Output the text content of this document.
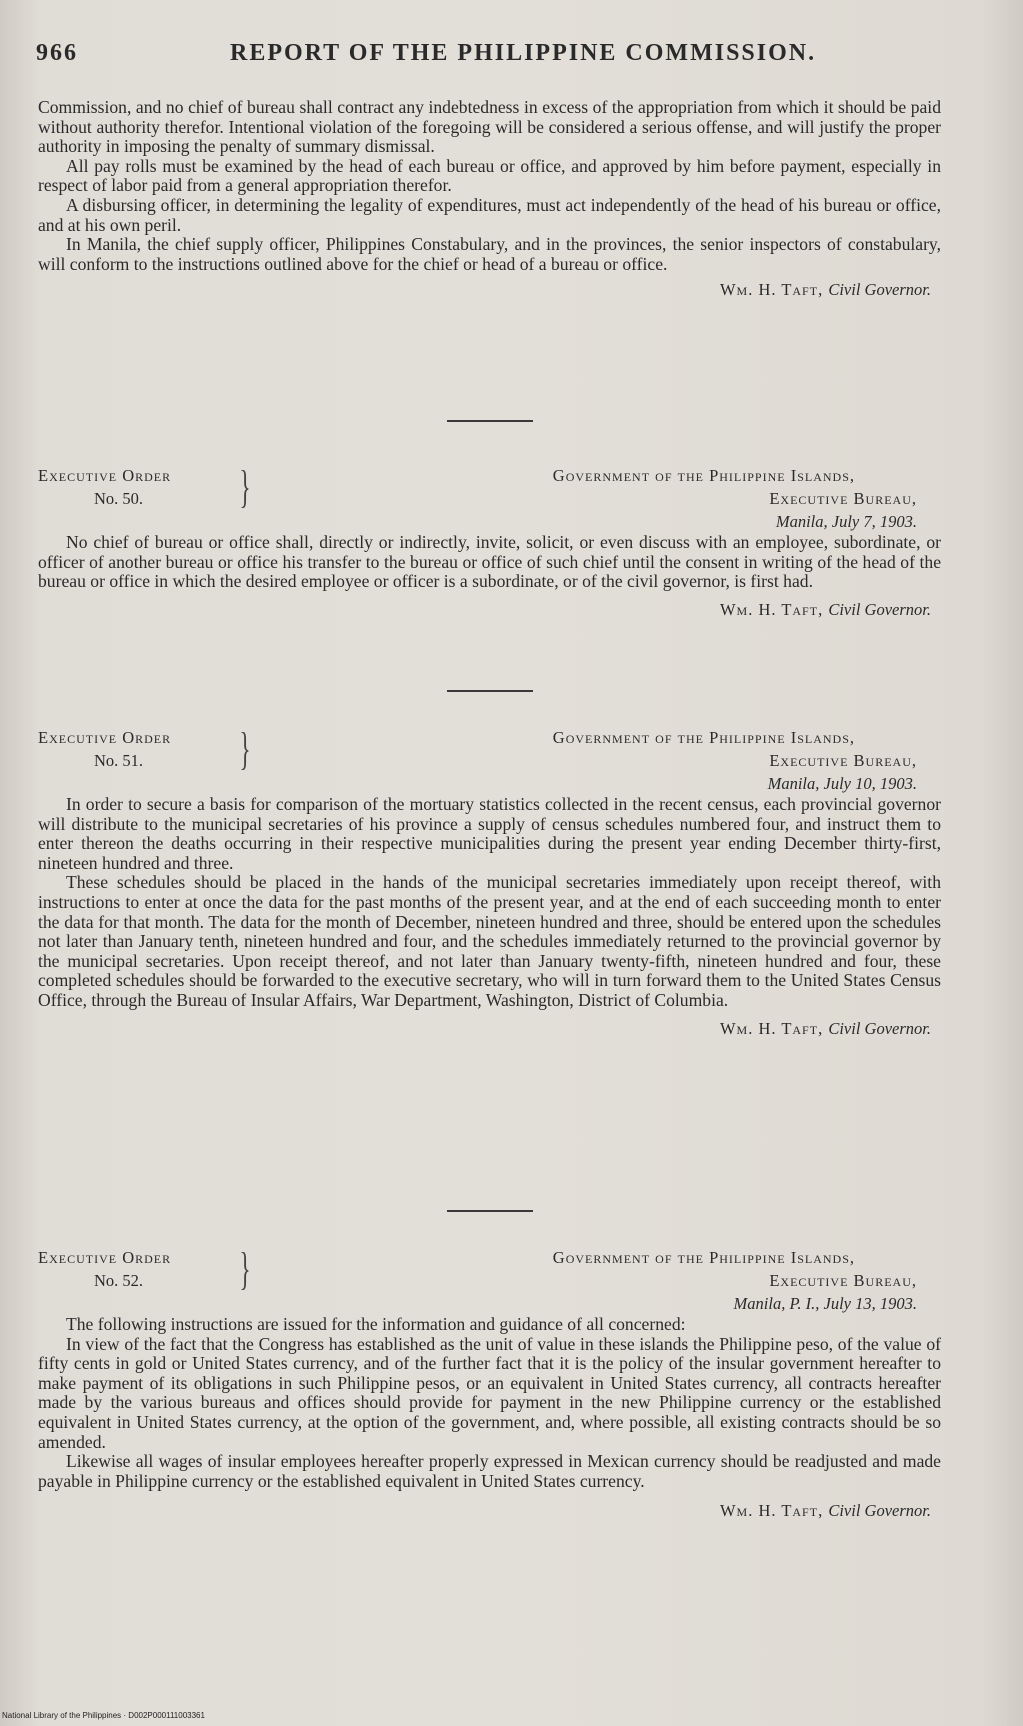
966	REPORT OF THE PHILIPPINE COMMISSION.

Commission, and no chief of bureau shall contract any indebtedness in excess of the appropriation from which it should be paid without authority therefor. Intentional violation of the foregoing will be considered a serious offense, and will justify the proper authority in imposing the penalty of summary dismissal.

All pay rolls must be examined by the head of each bureau or office, and approved by him before payment, especially in respect of labor paid from a general appropriation therefor.

A disbursing officer, in determining the legality of expenditures, must act independently of the head of his bureau or office, and at his own peril.

In Manila, the chief supply officer, Philippines Constabulary, and in the provinces, the senior inspectors of constabulary, will conform to the instructions outlined above for the chief or head of a bureau or office.

Wm. H. Taft, Civil Governor.
Executive Order
No. 50.	}	Government of the Philippine Islands,
Executive Bureau,
Manila, July 7, 1903.

No chief of bureau or office shall, directly or indirectly, invite, solicit, or even discuss with an employee, subordinate, or officer of another bureau or office his transfer to the bureau or office of such chief until the consent in writing of the head of the bureau or office in which the desired employee or officer is a subordinate, or of the civil governor, is first had.

Wm. H. Taft, Civil Governor.
Executive Order
No. 51.	}	Government of the Philippine Islands,
Executive Bureau,
Manila, July 10, 1903.

In order to secure a basis for comparison of the mortuary statistics collected in the recent census, each provincial governor will distribute to the municipal secretaries of his province a supply of census schedules numbered four, and instruct them to enter thereon the deaths occurring in their respective municipalities during the present year ending December thirty-first, nineteen hundred and three.

These schedules should be placed in the hands of the municipal secretaries immediately upon receipt thereof, with instructions to enter at once the data for the past months of the present year, and at the end of each succeeding month to enter the data for that month. The data for the month of December, nineteen hundred and three, should be entered upon the schedules not later than January tenth, nineteen hundred and four, and the schedules immediately returned to the provincial governor by the municipal secretaries. Upon receipt thereof, and not later than January twenty-fifth, nineteen hundred and four, these completed schedules should be forwarded to the executive secretary, who will in turn forward them to the United States Census Office, through the Bureau of Insular Affairs, War Department, Washington, District of Columbia.

Wm. H. Taft, Civil Governor.
Executive Order
No. 52.	}	Government of the Philippine Islands,
Executive Bureau,
Manila, P. I., July 13, 1903.

The following instructions are issued for the information and guidance of all concerned:

In view of the fact that the Congress has established as the unit of value in these islands the Philippine peso, of the value of fifty cents in gold or United States currency, and of the further fact that it is the policy of the insular government hereafter to make payment of its obligations in such Philippine pesos, or an equivalent in United States currency, all contracts hereafter made by the various bureaus and offices should provide for payment in the new Philippine currency or the established equivalent in United States currency, at the option of the government, and, where possible, all existing contracts should be so amended.

Likewise all wages of insular employees hereafter properly expressed in Mexican currency should be readjusted and made payable in Philippine currency or the established equivalent in United States currency.

Wm. H. Taft, Civil Governor.
National Library of the Philippines · D002P000111003361
